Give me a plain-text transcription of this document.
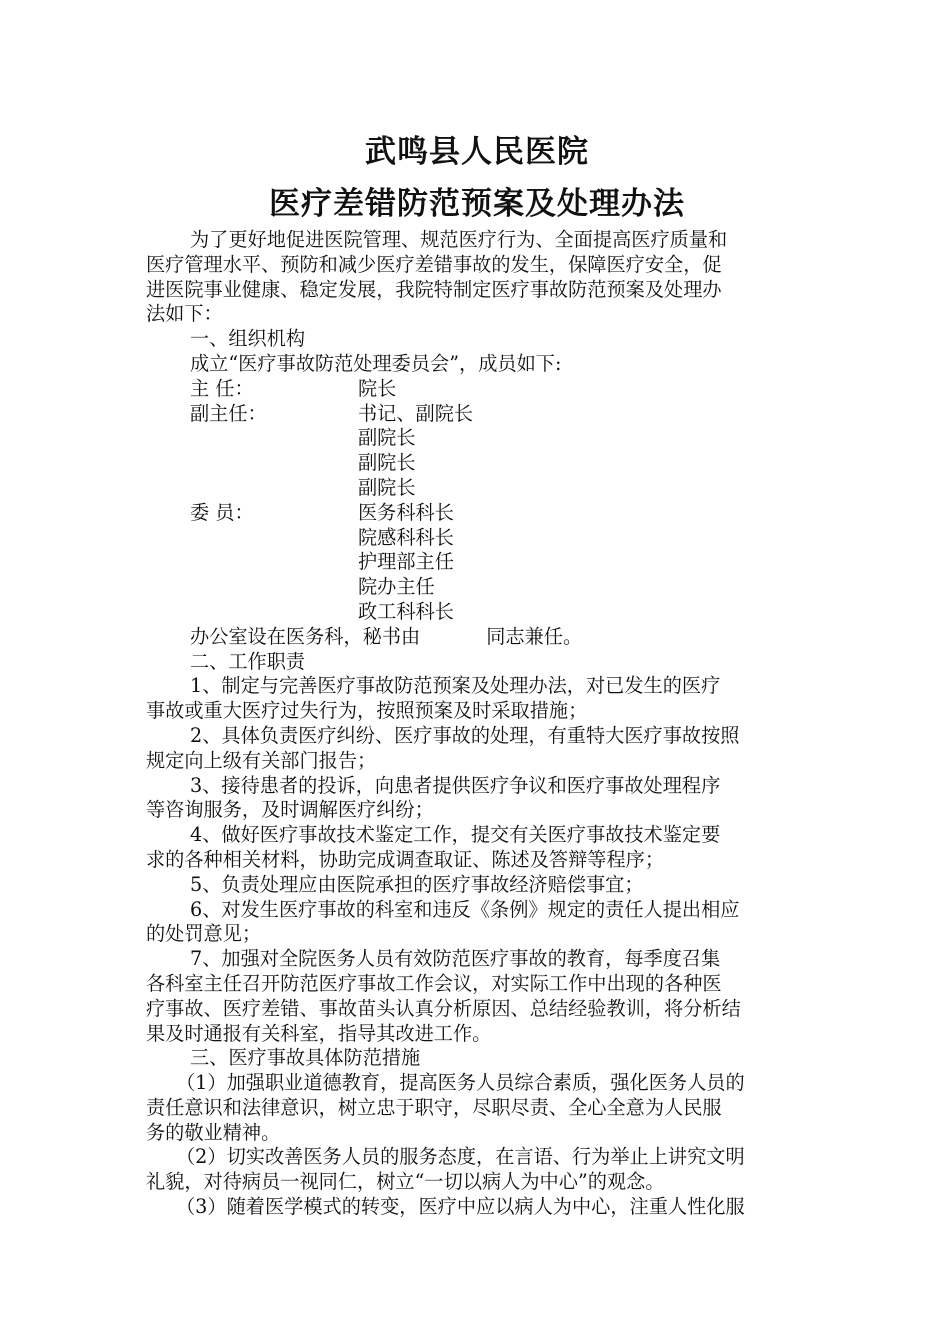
武鸣县人民医院
医疗差错防范预案及处理办法

为了更好地促进医院管理、规范医疗行为、全面提高医疗质量和

医疗管理水平、预防和减少医疗差错事故的发生，保障医疗安全，促

进医院事业健康、稳定发展，我院特制定医疗事故防范预案及处理办

法如下：

一、组织机构

成立“医疗事故防范处理委员会”，成员如下:

主 任：	院长
副主任：	书记、副院长
副院长
副院长
副院长
委 员：	医务科科长
院感科科长
护理部主任
院办主任
政工科科长

办公室设在医务科，秘书由	同志兼任。

二、工作职责

1、制定与完善医疗事故防范预案及处理办法，对已发生的医疗

事故或重大医疗过失行为，按照预案及时采取措施；

2、具体负责医疗纠纷、医疗事故的处理，有重特大医疗事故按照

规定向上级有关部门报告；

3、接待患者的投诉，向患者提供医疗争议和医疗事故处理程序

等咨询服务，及时调解医疗纠纷；

4、做好医疗事故技术鉴定工作，提交有关医疗事故技术鉴定要

求的各种相关材料，协助完成调查取证、陈述及答辩等程序；

5、负责处理应由医院承担的医疗事故经济赔偿事宜；

6、对发生医疗事故的科室和违反《条例》规定的责任人提出相应

的处罚意见；

7、加强对全院医务人员有效防范医疗事故的教育，每季度召集

各科室主任召开防范医疗事故工作会议，对实际工作中出现的各种医

疗事故、医疗差错、事故苗头认真分析原因、总结经验教训，将分析结

果及时通报有关科室，指导其改进工作。

三、医疗事故具体防范措施

（1）加强职业道德教育，提高医务人员综合素质，强化医务人员的

责任意识和法律意识，树立忠于职守，尽职尽责、全心全意为人民服

务的敬业精神。

（2）切实改善医务人员的服务态度，在言语、行为举止上讲究文明

礼貌，对待病员一视同仁，树立“一切以病人为中心”的观念。

（3）随着医学模式的转变，医疗中应以病人为中心，注重人性化服
